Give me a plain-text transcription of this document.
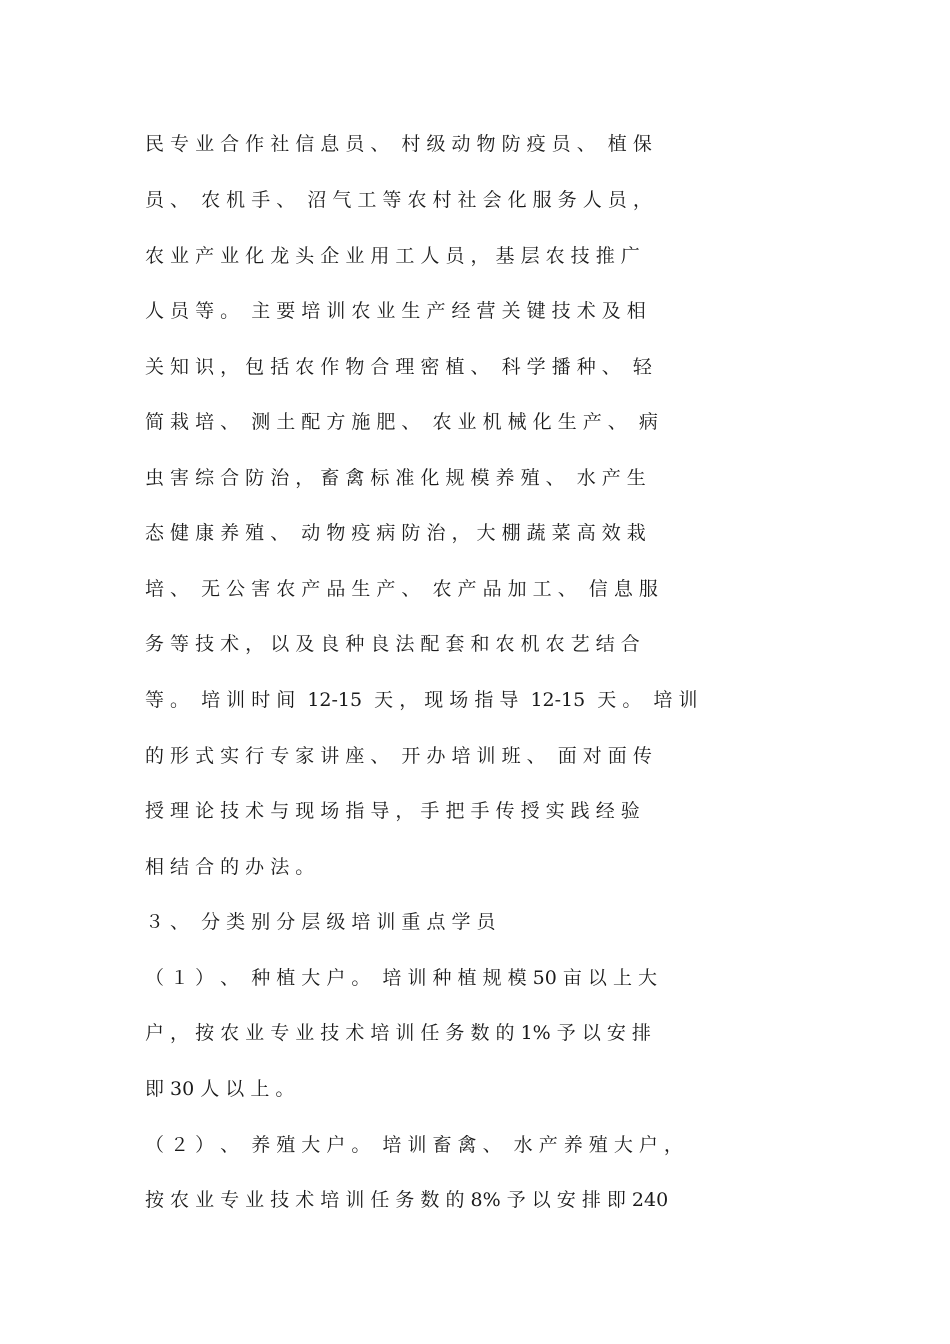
民 专 业 合 作 社 信 息 员 、  村 级 动 物 防 疫 员 、  植 保
员 、  农 机 手 、  沼 气 工 等 农 村 社 会 化 服 务 人 员 ，
农 业 产 业 化 龙 头 企 业 用 工 人 员 ， 基 层 农 技 推 广
人 员 等 。  主 要 培 训 农 业 生 产 经 营 关 键 技 术 及 相
关 知 识 ， 包 括 农 作 物 合 理 密 植 、  科 学 播 种 、  轻
简 栽 培 、  测 土 配 方 施 肥 、  农 业 机 械 化 生 产 、  病
虫 害 综 合 防 治 ， 畜 禽 标 准 化 规 模 养 殖 、  水 产 生
态 健 康 养 殖 、  动 物 疫 病 防 治 ， 大 棚 蔬 菜 高 效 栽
培 、  无 公 害 农 产 品 生 产 、  农 产 品 加 工 、  信 息 服
务 等 技 术 ， 以 及 良 种 良 法 配 套 和 农 机 农 艺 结 合
等 。  培 训 时 间  12-15  天 ， 现 场 指 导  12-15  天 。  培 训
的 形 式 实 行 专 家 讲 座 、  开 办 培 训 班 、  面 对 面 传
授 理 论 技 术 与 现 场 指 导 ， 手 把 手 传 授 实 践 经 验
相 结 合 的 办 法 。
３ 、  分 类 别 分 层 级 培 训 重 点 学 员
（ １ ） 、  种 植 大 户 。  培 训 种 植 规 模 50 亩 以 上 大
户 ， 按 农 业 专 业 技 术 培 训 任 务 数 的 1% 予 以 安 排
即 30 人 以 上 。
（ ２ ） 、  养 殖 大 户 。  培 训 畜 禽 、  水 产 养 殖 大 户 ，
按 农 业 专 业 技 术 培 训 任 务 数 的 8% 予 以 安 排 即 240
